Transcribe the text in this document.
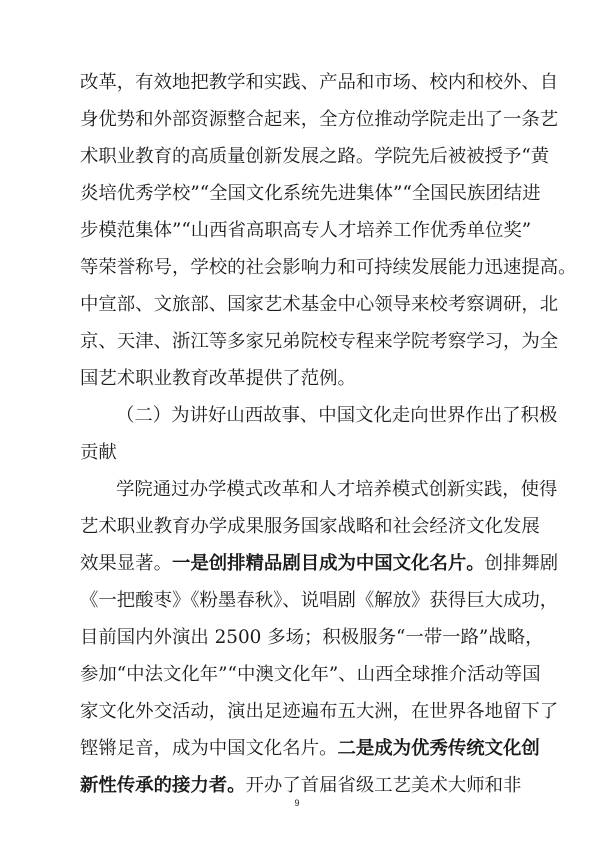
改革，有效地把教学和实践、产品和市场、校内和校外、自
身优势和外部资源整合起来，全方位推动学院走出了一条艺
术职业教育的高质量创新发展之路。学院先后被被授予“黄
炎培优秀学校”“全国文化系统先进集体”“全国民族团结进
步模范集体”“山西省高职高专人才培养工作优秀单位奖”
等荣誉称号，学校的社会影响力和可持续发展能力迅速提高。
中宣部、文旅部、国家艺术基金中心领导来校考察调研，北
京、天津、浙江等多家兄弟院校专程来学院考察学习，为全
国艺术职业教育改革提供了范例。
（二）为讲好山西故事、中国文化走向世界作出了积极
贡献
学院通过办学模式改革和人才培养模式创新实践，使得
艺术职业教育办学成果服务国家战略和社会经济文化发展
效果显著。一是创排精品剧目成为中国文化名片。创排舞剧
《一把酸枣》《粉墨春秋》、说唱剧《解放》获得巨大成功，
目前国内外演出 2500 多场；积极服务“一带一路”战略，
参加“中法文化年”“中澳文化年”、山西全球推介活动等国
家文化外交活动，演出足迹遍布五大洲，在世界各地留下了
铿锵足音，成为中国文化名片。二是成为优秀传统文化创
新性传承的接力者。开办了首届省级工艺美术大师和非
9
